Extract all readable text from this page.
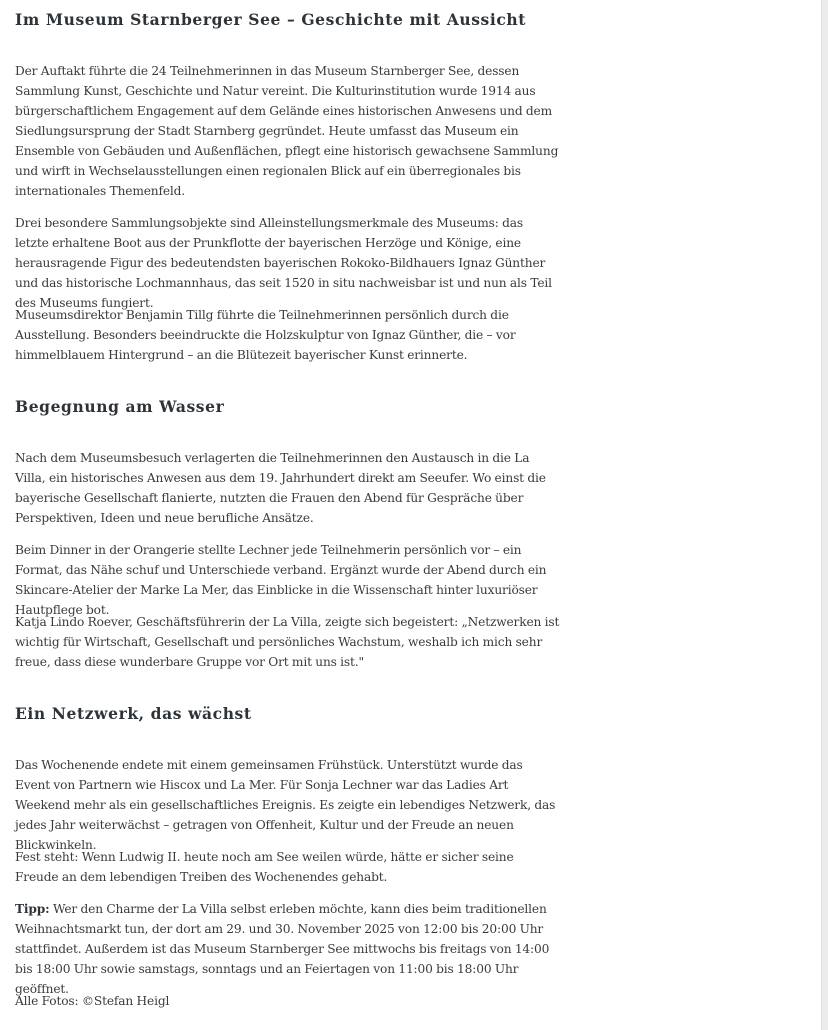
Im Museum Starnberger See – Geschichte mit Aussicht

Der Auftakt führte die 24 Teilnehmerinnen in das Museum Starnberger See, dessen Sammlung Kunst, Geschichte und Natur vereint. Die Kulturinstitution wurde 1914 aus bürgerschaftlichem Engagement auf dem Gelände eines historischen Anwesens und dem Siedlungsursprung der Stadt Starnberg gegründet. Heute umfasst das Museum ein Ensemble von Gebäuden und Außenflächen, pflegt eine historisch gewachsene Sammlung und wirft in Wechselausstellungen einen regionalen Blick auf ein überregionales bis internationales Themenfeld.

Drei besondere Sammlungsobjekte sind Alleinstellungsmerkmale des Museums: das letzte erhaltene Boot aus der Prunkflotte der bayerischen Herzöge und Könige, eine herausragende Figur des bedeutendsten bayerischen Rokoko-Bildhauers Ignaz Günther und das historische Lochmannhaus, das seit 1520 in situ nachweisbar ist und nun als Teil des Museums fungiert.

Museumsdirektor Benjamin Tillg führte die Teilnehmerinnen persönlich durch die Ausstellung. Besonders beeindruckte die Holzskulptur von Ignaz Günther, die – vor himmelblauem Hintergrund – an die Blütezeit bayerischer Kunst erinnerte.

Begegnung am Wasser

Nach dem Museumsbesuch verlagerten die Teilnehmerinnen den Austausch in die La Villa, ein historisches Anwesen aus dem 19. Jahrhundert direkt am Seeufer. Wo einst die bayerische Gesellschaft flanierte, nutzten die Frauen den Abend für Gespräche über Perspektiven, Ideen und neue berufliche Ansätze.

Beim Dinner in der Orangerie stellte Lechner jede Teilnehmerin persönlich vor – ein Format, das Nähe schuf und Unterschiede verband. Ergänzt wurde der Abend durch ein Skincare-Atelier der Marke La Mer, das Einblicke in die Wissenschaft hinter luxuriöser Hautpflege bot.

Katja Lindo Roever, Geschäftsführerin der La Villa, zeigte sich begeistert: „Netzwerken ist wichtig für Wirtschaft, Gesellschaft und persönliches Wachstum, weshalb ich mich sehr freue, dass diese wunderbare Gruppe vor Ort mit uns ist."

Ein Netzwerk, das wächst

Das Wochenende endete mit einem gemeinsamen Frühstück. Unterstützt wurde das Event von Partnern wie Hiscox und La Mer. Für Sonja Lechner war das Ladies Art Weekend mehr als ein gesellschaftliches Ereignis. Es zeigte ein lebendiges Netzwerk, das jedes Jahr weiterwächst – getragen von Offenheit, Kultur und der Freude an neuen Blickwinkeln.

Fest steht: Wenn Ludwig II. heute noch am See weilen würde, hätte er sicher seine Freude an dem lebendigen Treiben des Wochenendes gehabt.

Tipp: Wer den Charme der La Villa selbst erleben möchte, kann dies beim traditionellen Weihnachtsmarkt tun, der dort am 29. und 30. November 2025 von 12:00 bis 20:00 Uhr stattfindet. Außerdem ist das Museum Starnberger See mittwochs bis freitags von 14:00 bis 18:00 Uhr sowie samstags, sonntags und an Feiertagen von 11:00 bis 18:00 Uhr geöffnet.

Alle Fotos: ©Stefan Heigl
